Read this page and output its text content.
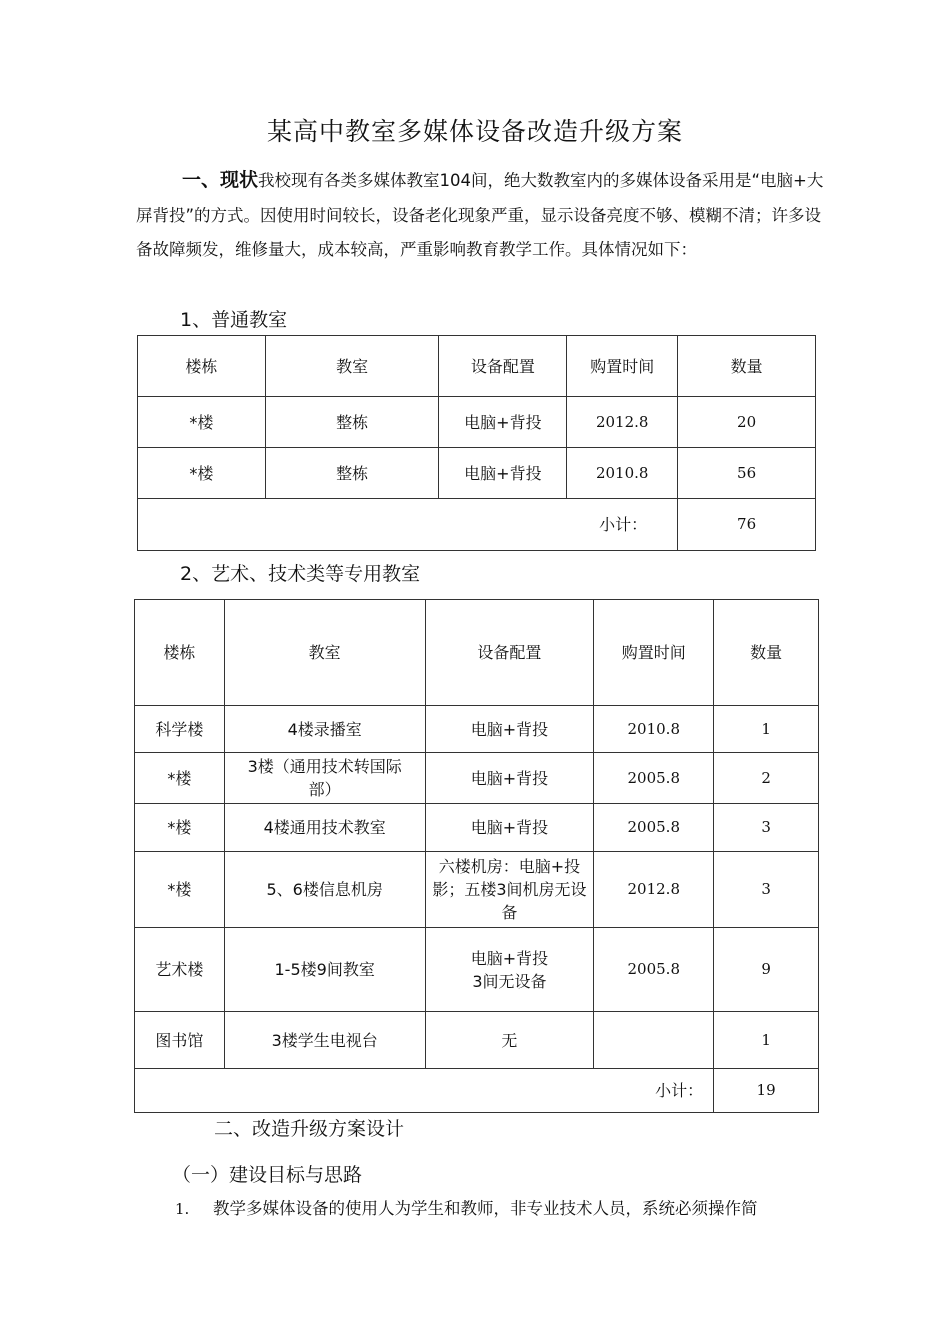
某高中教室多媒体设备改造升级方案
一、现状我校现有各类多媒体教室104间，绝大数教室内的多媒体设备采用是“电脑+大屏背投”的方式。因使用时间较长，设备老化现象严重，显示设备亮度不够、模糊不清；许多设备故障频发，维修量大，成本较高，严重影响教育教学工作。具体情况如下：
1、普通教室
楼栋	教室	设备配置	购置时间	数量
*楼	整栋	电脑+背投	2012.8	20
*楼	整栋	电脑+背投	2010.8	56
小计：				76
2、艺术、技术类等专用教室
楼栋	教室	设备配置	购置时间	数量
科学楼	4楼录播室	电脑+背投	2010.8	1
*楼	3楼（通用技术转国际部）	电脑+背投	2005.8	2
*楼	4楼通用技术教室	电脑+背投	2005.8	3
*楼	5、6楼信息机房	六楼机房：电脑+投影；五楼3间机房无设备	2012.8	3
艺术楼	1-5楼9间教室	电脑+背投 3间无设备	2005.8	9
图书馆	3楼学生电视台	无		1
小计：				19
二、改造升级方案设计
（一）建设目标与思路
1. 教学多媒体设备的使用人为学生和教师，非专业技术人员，系统必须操作简
